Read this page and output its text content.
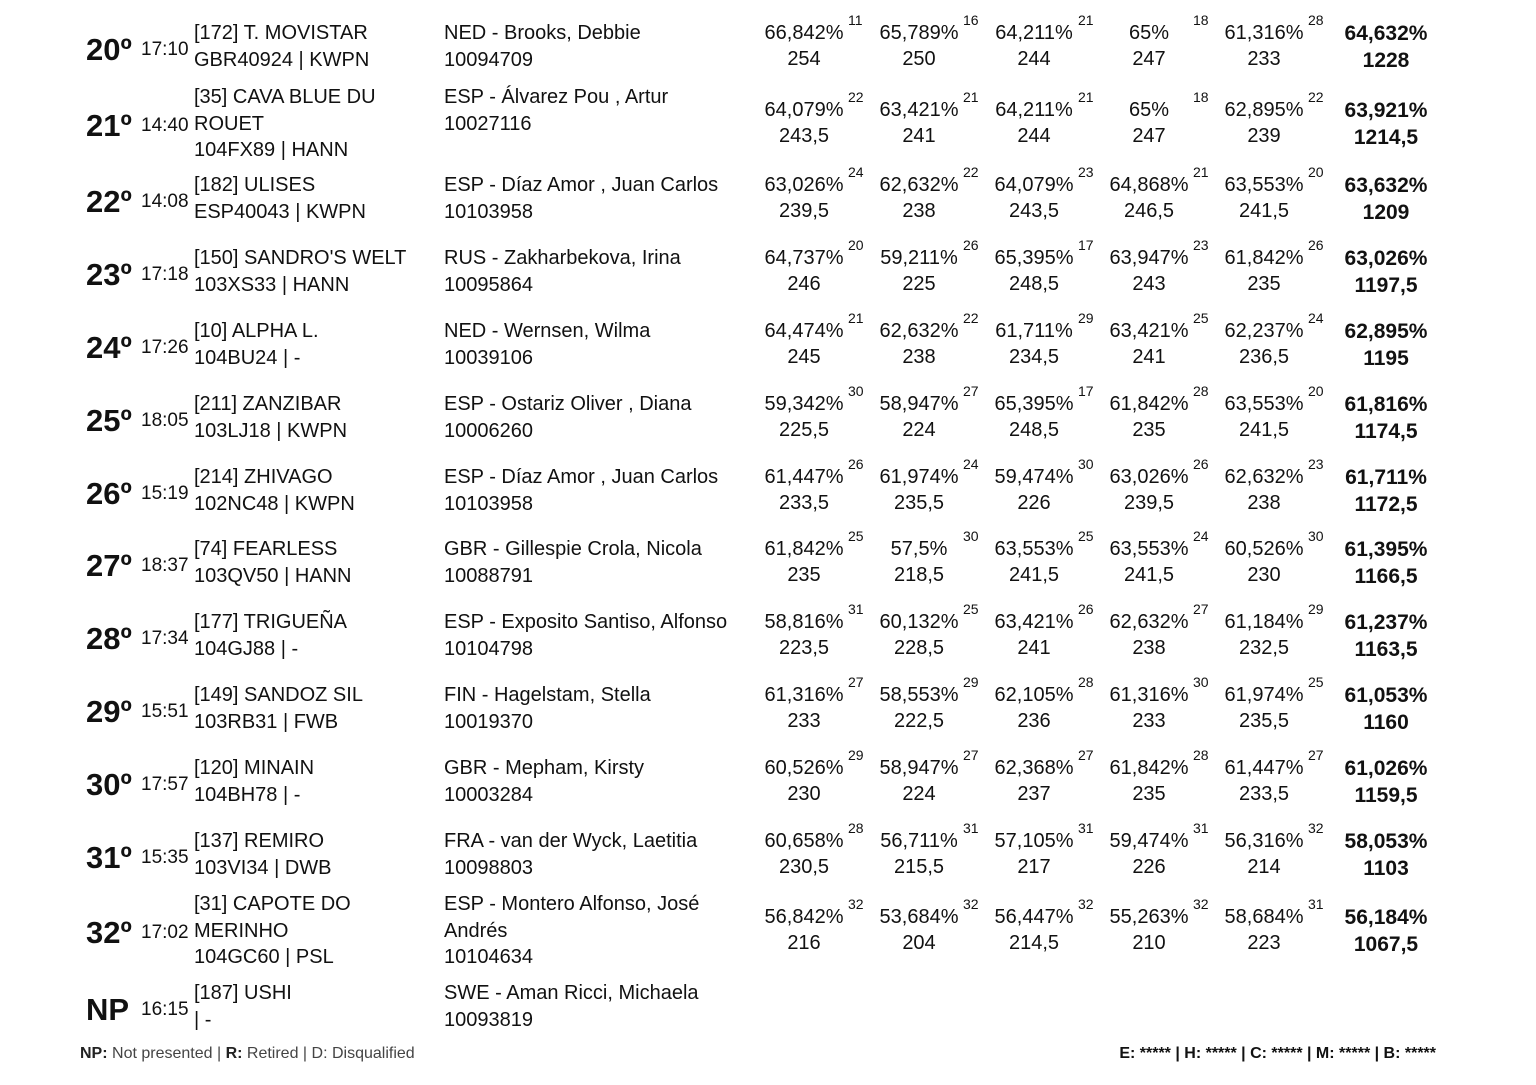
20º 17:10
[172] T. MOVISTAR
GBR40924 | KWPN
NED - Brooks, Debbie
10094709
66,842%
11
254
65,789%
16
250
64,211%
21
244
65%
18
247
61,316%
28
233
64,632%
1228
21º 14:40
[35] CAVA BLUE DU ROUET
104FX89 | HANN
ESP - Álvarez Pou , Artur
10027116
64,079%
22
243,5
63,421%
21
241
64,211%
21
244
65%
18
247
62,895%
22
239
63,921%
1214,5
22º 14:08
[182] ULISES
ESP40043 | KWPN
ESP - Díaz Amor , Juan Carlos
10103958
63,026%
24
239,5
62,632%
22
238
64,079%
23
243,5
64,868%
21
246,5
63,553%
20
241,5
63,632%
1209
23º 17:18
[150] SANDRO'S WELT
103XS33 | HANN
RUS - Zakharbekova, Irina
10095864
64,737%
20
246
59,211%
26
225
65,395%
17
248,5
63,947%
23
243
61,842%
26
235
63,026%
1197,5
24º 17:26
[10] ALPHA L.
104BU24 | -
NED - Wernsen, Wilma
10039106
64,474%
21
245
62,632%
22
238
61,711%
29
234,5
63,421%
25
241
62,237%
24
236,5
62,895%
1195
25º 18:05
[211] ZANZIBAR
103LJ18 | KWPN
ESP - Ostariz Oliver , Diana
10006260
59,342%
30
225,5
58,947%
27
224
65,395%
17
248,5
61,842%
28
235
63,553%
20
241,5
61,816%
1174,5
26º 15:19
[214] ZHIVAGO
102NC48 | KWPN
ESP - Díaz Amor , Juan Carlos
10103958
61,447%
26
233,5
61,974%
24
235,5
59,474%
30
226
63,026%
26
239,5
62,632%
23
238
61,711%
1172,5
27º 18:37
[74] FEARLESS
103QV50 | HANN
GBR - Gillespie Crola, Nicola
10088791
61,842%
25
235
57,5%
30
218,5
63,553%
25
241,5
63,553%
24
241,5
60,526%
30
230
61,395%
1166,5
28º 17:34
[177] TRIGUEÑA
104GJ88 | -
ESP - Exposito Santiso, Alfonso
10104798
58,816%
31
223,5
60,132%
25
228,5
63,421%
26
241
62,632%
27
238
61,184%
29
232,5
61,237%
1163,5
29º 15:51
[149] SANDOZ SIL
103RB31 | FWB
FIN - Hagelstam, Stella
10019370
61,316%
27
233
58,553%
29
222,5
62,105%
28
236
61,316%
30
233
61,974%
25
235,5
61,053%
1160
30º 17:57
[120] MINAIN
104BH78 | -
GBR - Mepham, Kirsty
10003284
60,526%
29
230
58,947%
27
224
62,368%
27
237
61,842%
28
235
61,447%
27
233,5
61,026%
1159,5
31º 15:35
[137] REMIRO
103VI34 | DWB
FRA - van der Wyck, Laetitia
10098803
60,658%
28
230,5
56,711%
31
215,5
57,105%
31
217
59,474%
31
226
56,316%
32
214
58,053%
1103
32º 17:02
[31] CAPOTE DO MERINHO
104GC60 | PSL
ESP - Montero Alfonso, José Andrés
10104634
56,842%
32
216
53,684%
32
204
56,447%
32
214,5
55,263%
32
210
58,684%
31
223
56,184%
1067,5
NP 16:15
[187] USHI
| -
SWE - Aman Ricci, Michaela
10093819
NP: Not presented | R: Retired | D: Disqualified	E: ***** | H: ***** | C: ***** | M: ***** | B: *****
